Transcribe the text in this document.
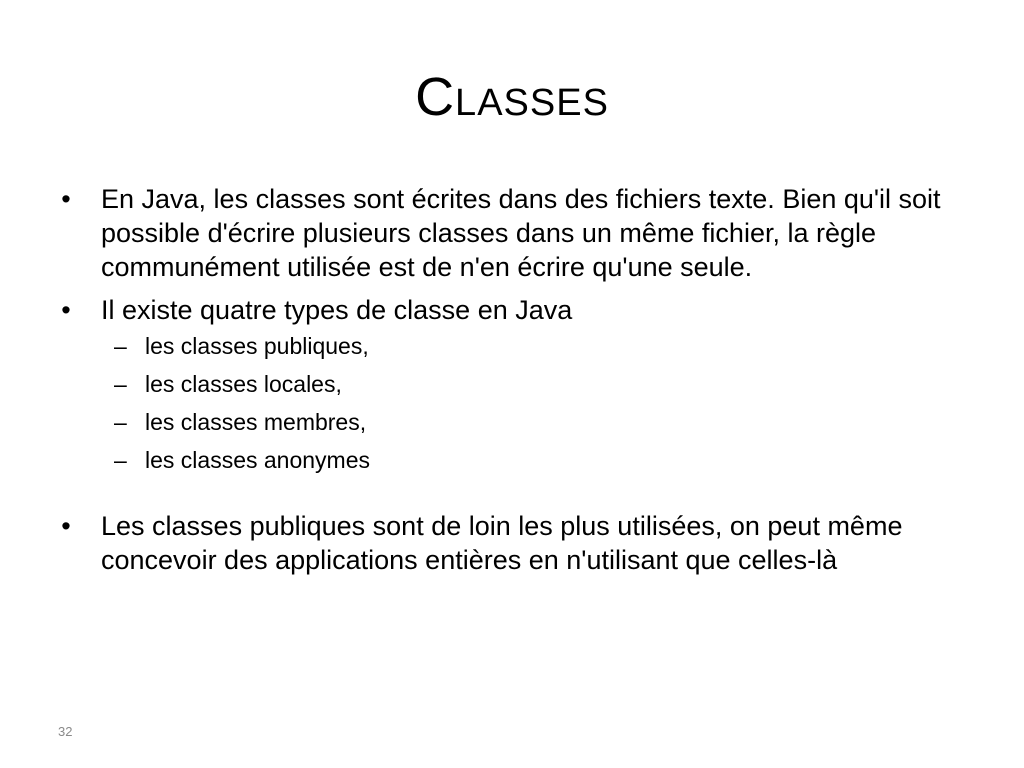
Classes
• En Java, les classes sont écrites dans des fichiers texte. Bien qu'il soit possible d'écrire plusieurs classes dans un même fichier, la règle communément utilisée est de n'en écrire qu'une seule.
• Il existe quatre types de classe en Java
– les classes publiques,
– les classes locales,
– les classes membres,
– les classes anonymes
• Les classes publiques sont de loin les plus utilisées, on peut même concevoir des applications entières en n'utilisant que celles-là
32
